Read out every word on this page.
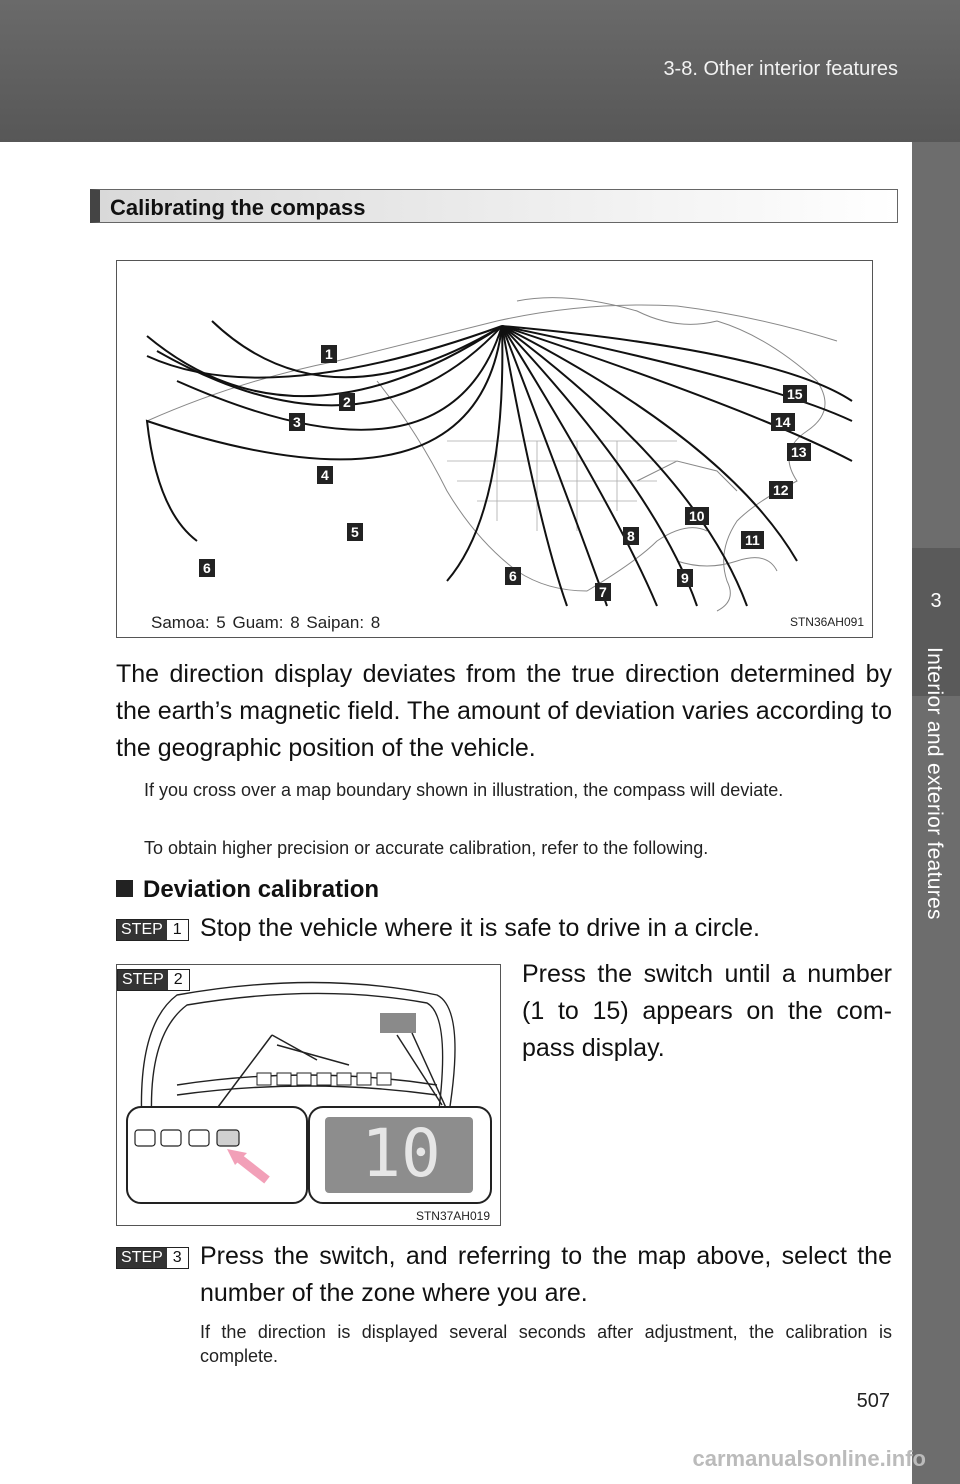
3-8. Other interior features
3
Interior and exterior features
Calibrating the compass
Samoa: 5 Guam: 8 Saipan: 8	STN36AH091
1
2
3
4
5
6	6
7
8
9
10
11
12
13
14
15
The direction display deviates from the true direction determined by the earth’s magnetic field. The amount of deviation varies according to the geographic position of the vehicle.
If you cross over a map boundary shown in illustration, the compass will deviate.
To obtain higher precision or accurate calibration, refer to the following.
Deviation calibration
STEP 1 Stop the vehicle where it is safe to drive in a circle.
10
STN37AH019
STEP 2	Press the switch until a number (1 to 15) appears on the com-pass display.
STEP 3 Press the switch, and referring to the map above, select the number of the zone where you are.
If the direction is displayed several seconds after adjustment, the calibration is complete.
507
carmanualsonline.info
